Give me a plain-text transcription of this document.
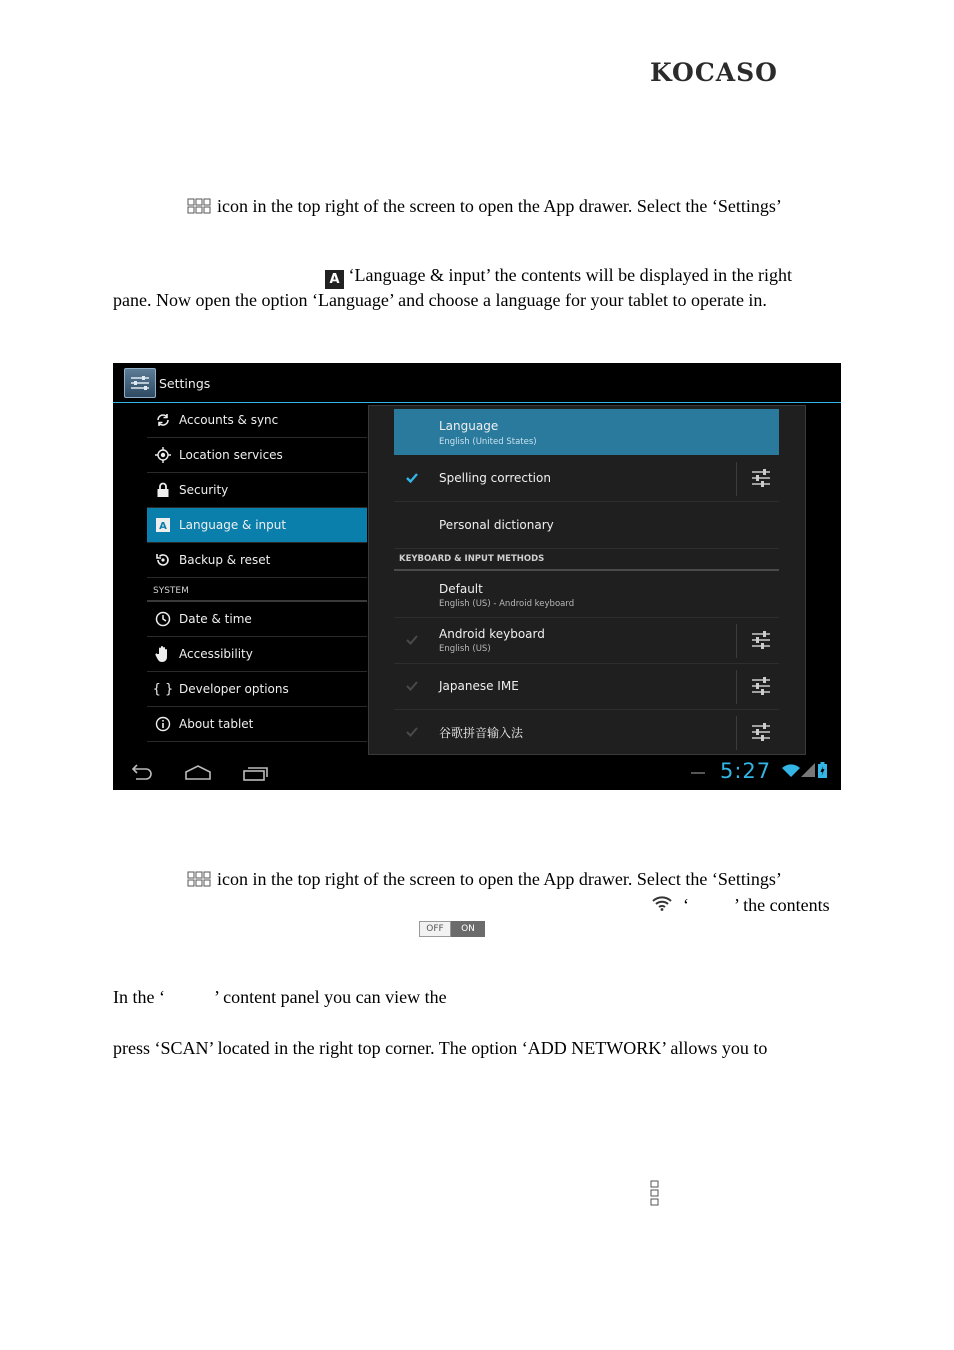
KOCASO
icon in the top right of the screen to open the App drawer. Select the ‘Settings’
A ‘Language & input’ the contents will be displayed in the right
pane. Now open the option ‘Language’ and choose a language for your tablet to operate in.
Settings
Accounts & sync
Location services
Security
A Language & input
Backup & reset
SYSTEM
Date & time
Accessibility
{ } Developer options
About tablet
Language
English (United States)
Spelling correction
Personal dictionary
KEYBOARD & INPUT METHODS
Default
English (US) - Android keyboard
Android keyboard
English (US)
Japanese IME
谷歌拼音输入法
5:27
icon in the top right of the screen to open the App drawer. Select the ‘Settings’
‘	’ the contents
OFF	ON
In the ‘	’ content panel you can view the
press ‘SCAN’ located in the right top corner. The option ‘ADD NETWORK’ allows you to
